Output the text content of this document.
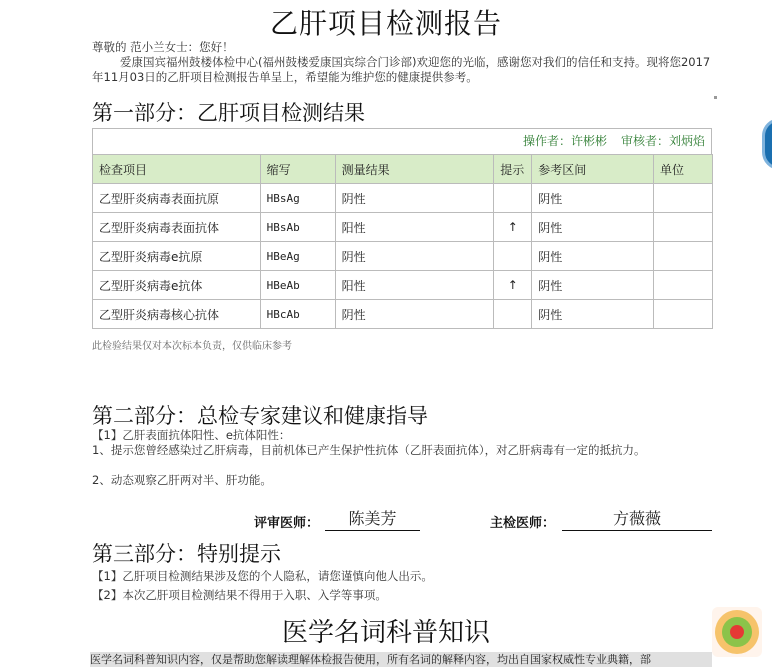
乙肝项目检测报告
尊敬的 范小兰女士：您好！
爱康国宾福州鼓楼体检中心(福州鼓楼爱康国宾综合门诊部)欢迎您的光临，感谢您对我们的信任和支持。现将您2017年11月03日的乙肝项目检测报告单呈上，希望能为维护您的健康提供参考。
第一部分：乙肝项目检测结果
操作者：许彬彬 审核者：刘炳焰
检查项目	缩写	测量结果	提示	参考区间	单位
乙型肝炎病毒表面抗原	HBsAg	阴性		阴性	
乙型肝炎病毒表面抗体	HBsAb	阳性	↑	阴性	
乙型肝炎病毒e抗原	HBeAg	阴性		阴性	
乙型肝炎病毒e抗体	HBeAb	阳性	↑	阴性	
乙型肝炎病毒核心抗体	HBcAb	阴性		阴性	
此检验结果仅对本次标本负责，仅供临床参考
第二部分：总检专家建议和健康指导
【1】乙肝表面抗体阳性、e抗体阳性：
1、提示您曾经感染过乙肝病毒，目前机体已产生保护性抗体（乙肝表面抗体），对乙肝病毒有一定的抵抗力。
2、动态观察乙肝两对半、肝功能。
评审医师：	陈美芳	主检医师：	方薇薇
第三部分：特别提示
【1】乙肝项目检测结果涉及您的个人隐私，请您谨慎向他人出示。
【2】本次乙肝项目检测结果不得用于入职、入学等事项。
医学名词科普知识
医学名词科普知识内容，仅是帮助您解读理解体检报告使用，所有名词的解释内容，均出自国家权威性专业典籍，部
